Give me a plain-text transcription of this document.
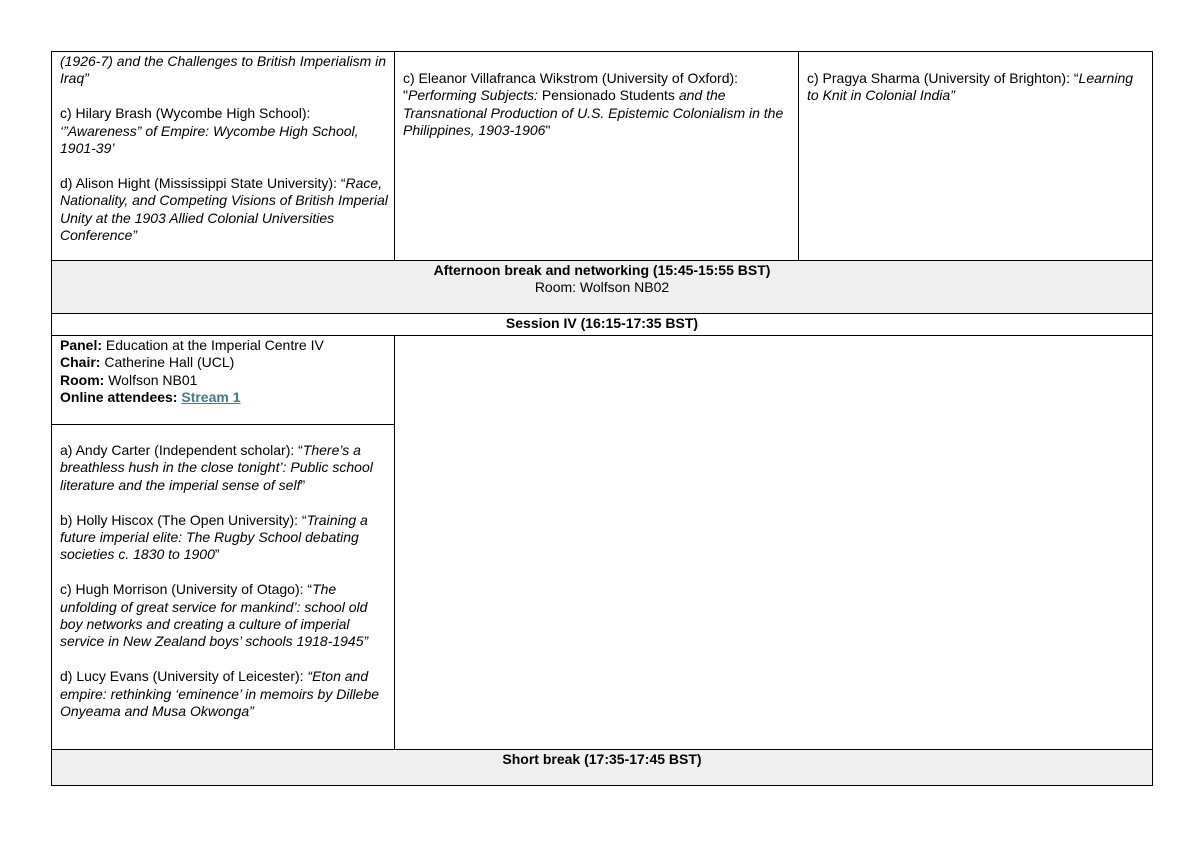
(1926-7) and the Challenges to British Imperialism in Iraq”

c) Hilary Brash (Wycombe High School): ‘”Awareness” of Empire: Wycombe High School, 1901-39’

d) Alison Hight (Mississippi State University): “Race, Nationality, and Competing Visions of British Imperial Unity at the 1903 Allied Colonial Universities Conference”

c) Eleanor Villafranca Wikstrom (University of Oxford): "Performing Subjects: Pensionado Students and the Transnational Production of U.S. Epistemic Colonialism in the Philippines, 1903-1906"

c) Pragya Sharma (University of Brighton): “Learning to Knit in Colonial India”

Afternoon break and networking (15:45-15:55 BST)

Room: Wolfson NB02

Session IV (16:15-17:35 BST)

Panel: Education at the Imperial Centre IV

Chair: Catherine Hall (UCL)

Room: Wolfson NB01

Online attendees: Stream 1

a) Andy Carter (Independent scholar): “There’s a breathless hush in the close tonight’: Public school literature and the imperial sense of self”

b) Holly Hiscox (The Open University): “Training a future imperial elite: The Rugby School debating societies c. 1830 to 1900”

c) Hugh Morrison (University of Otago): “The unfolding of great service for mankind’: school old boy networks and creating a culture of imperial service in New Zealand boys’ schools 1918-1945”

d) Lucy Evans (University of Leicester): “Eton and empire: rethinking ‘eminence’ in memoirs by Dillebe Onyeama and Musa Okwonga”

Short break (17:35-17:45 BST)
